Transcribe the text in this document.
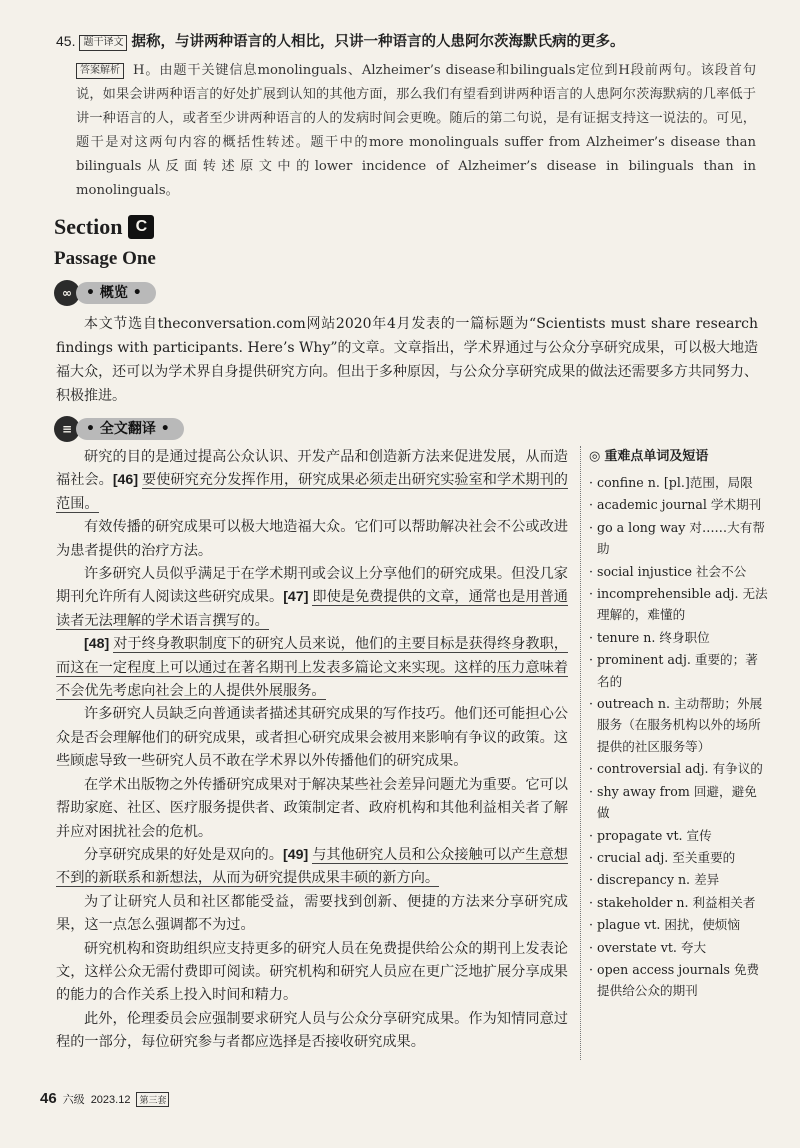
45. 题干译文 据称，与讲两种语言的人相比，只讲一种语言的人患阿尔茨海默氏病的更多。
答案解析 H。由题干关键信息monolinguals、Alzheimer’s disease和bilinguals定位到H段前两句。该段首句说，如果会讲两种语言的好处扩展到认知的其他方面，那么我们有望看到讲两种语言的人患阿尔茨海默病的几率低于讲一种语言的人，或者至少讲两种语言的人的发病时间会更晚。随后的第二句说，是有证据支持这一说法的。可见，题干是对这两句内容的概括性转述。题干中的more monolinguals suffer from Alzheimer’s disease than bilinguals从反面转述原文中的lower incidence of Alzheimer’s disease in bilinguals than in monolinguals。
Section C
Passage One
∞	• 概览 •
本文节选自theconversation.com网站2020年4月发表的一篇标题为“Scientists must share research findings with participants. Here’s Why”的文章。文章指出，学术界通过与公众分享研究成果，可以极大地造福大众，还可以为学术界自身提供研究方向。但出于多种原因，与公众分享研究成果的做法还需要多方共同努力、积极推进。
≡ • 全文翻译 •

研究的目的是通过提高公众认识、开发产品和创造新方法来促进发展，从而造福社会。[46] 要使研究充分发挥作用，研究成果必须走出研究实验室和学术期刊的范围。

有效传播的研究成果可以极大地造福大众。它们可以帮助解决社会不公或改进为患者提供的治疗方法。

许多研究人员似乎满足于在学术期刊或会议上分享他们的研究成果。但没几家期刊允许所有人阅读这些研究成果。[47] 即使是免费提供的文章，通常也是用普通读者无法理解的学术语言撰写的。

[48] 对于终身教职制度下的研究人员来说，他们的主要目标是获得终身教职，而这在一定程度上可以通过在著名期刊上发表多篇论文来实现。这样的压力意味着不会优先考虑向社会上的人提供外展服务。

许多研究人员缺乏向普通读者描述其研究成果的写作技巧。他们还可能担心公众是否会理解他们的研究成果，或者担心研究成果会被用来影响有争议的政策。这些顾虑导致一些研究人员不敢在学术界以外传播他们的研究成果。

在学术出版物之外传播研究成果对于解决某些社会差异问题尤为重要。它可以帮助家庭、社区、医疗服务提供者、政策制定者、政府机构和其他利益相关者了解并应对困扰社会的危机。

分享研究成果的好处是双向的。[49] 与其他研究人员和公众接触可以产生意想不到的新联系和新想法，从而为研究提供成果丰硕的新方向。

为了让研究人员和社区都能受益，需要找到创新、便捷的方法来分享研究成果，这一点怎么强调都不为过。

研究机构和资助组织应支持更多的研究人员在免费提供给公众的期刊上发表论文，这样公众无需付费即可阅读。研究机构和研究人员应在更广泛地扩展分享成果的能力的合作关系上投入时间和精力。

此外，伦理委员会应强制要求研究人员与公众分享研究成果。作为知情同意过程的一部分，每位研究参与者都应选择是否接收研究成果。

◎ 重难点单词及短语
· confine n. [pl.]范围，局限
· academic journal 学术期刊
· go a long way 对……大有帮助
· social injustice 社会不公
· incomprehensible adj. 无法理解的，难懂的
· tenure n. 终身职位
· prominent adj. 重要的；著名的
· outreach n. 主动帮助；外展服务（在服务机构以外的场所提供的社区服务等）
· controversial adj. 有争议的
· shy away from 回避，避免做
· propagate vt. 宣传
· crucial adj. 至关重要的
· discrepancy n. 差异
· stakeholder n. 利益相关者
· plague vt. 困扰，使烦恼
· overstate vt. 夸大
· open access journals 免费提供给公众的期刊
46 六级 2023.12	第三套
